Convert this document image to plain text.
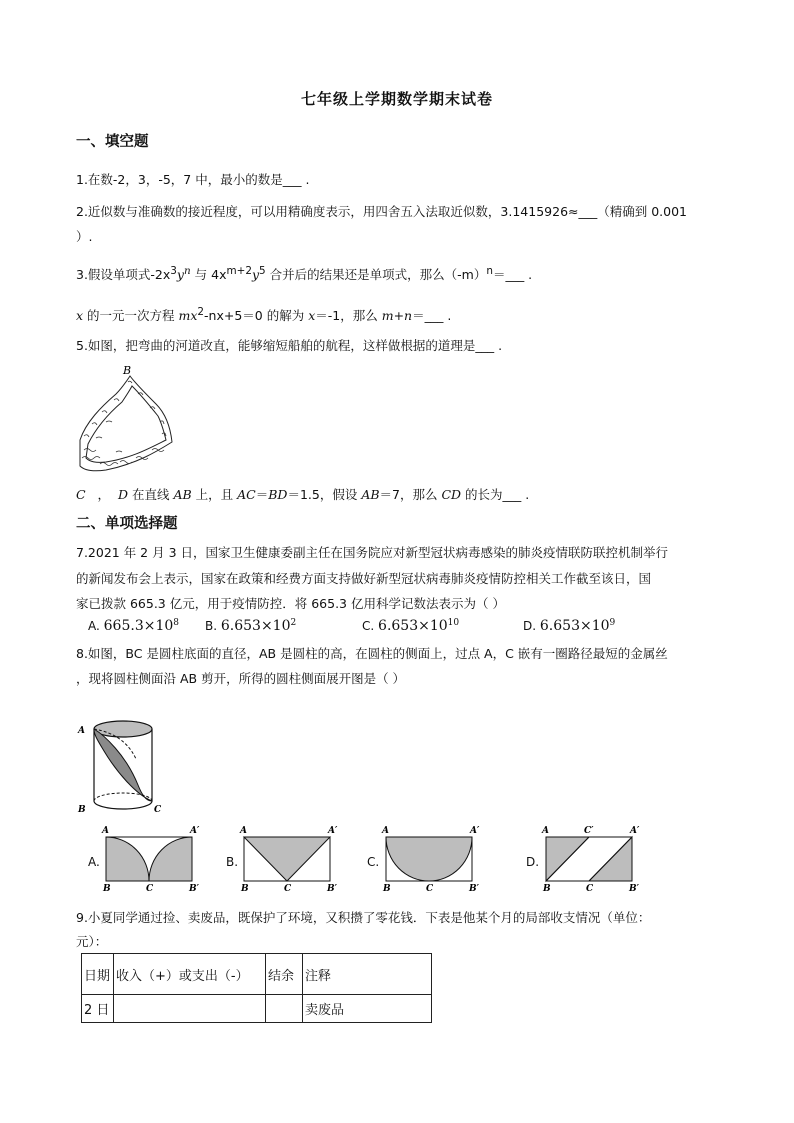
七年级上学期数学期末试卷
一、填空题
1.在数-2，3，-5，7 中，最小的数是___ .
2.近似数与准确数的接近程度，可以用精确度表示，用四舍五入法取近似数，3.1415926≈___（精确到 0.001
）.
3.假设单项式$-2x^3y^n$ 与 $4x^{m+2}y^5$ 合并后的结果还是单项式，那么$(-m)^n=\_\_\_$ .
x 的一元一次方程 $mx^2-nx+5=0$ 的解为 x＝-1，那么 m+n＝___ .
5.如图，把弯曲的河道改直，能够缩短船舶的航程，这样做根据的道理是___ .
B
C ， D 在直线 AB 上，且 AC＝BD＝1.5，假设 AB＝7，那么 CD 的长为___ .
二、单项选择题
7.2021 年 2 月 3 日，国家卫生健康委副主任在国务院应对新型冠状病毒感染的肺炎疫情联防联控机制举行
的新闻发布会上表示，国家在政策和经费方面支持做好新型冠状病毒肺炎疫情防控相关工作截至该日，国
家已拨款 665.3 亿元，用于疫情防控．将 665.3 亿用科学记数法表示为（ ）
A. $665.3\times 10^8$ B. $6.653\times 10^2$	C. $6.653\times 10^{10}$	D. $6.653\times 10^9$
8.如图，BC 是圆柱底面的直径，AB 是圆柱的高，在圆柱的侧面上，过点 A，C 嵌有一圈路径最短的金属丝
，现将圆柱侧面沿 AB 剪开，所得的圆柱侧面展开图是（ ）
A
B	C
A.
A	A′
B	C	B′
B.
A	A′
B	C	B′
C.
A	A′
B	C	B′
D.
A	C′	A′
B	C	B′
9.小夏同学通过捡、卖废品，既保护了环境，又积攒了零花钱．下表是他某个月的局部收支情况（单位：
元）：
日期	收入（+）或支出（-）	结余	注释
2 日			卖废品
